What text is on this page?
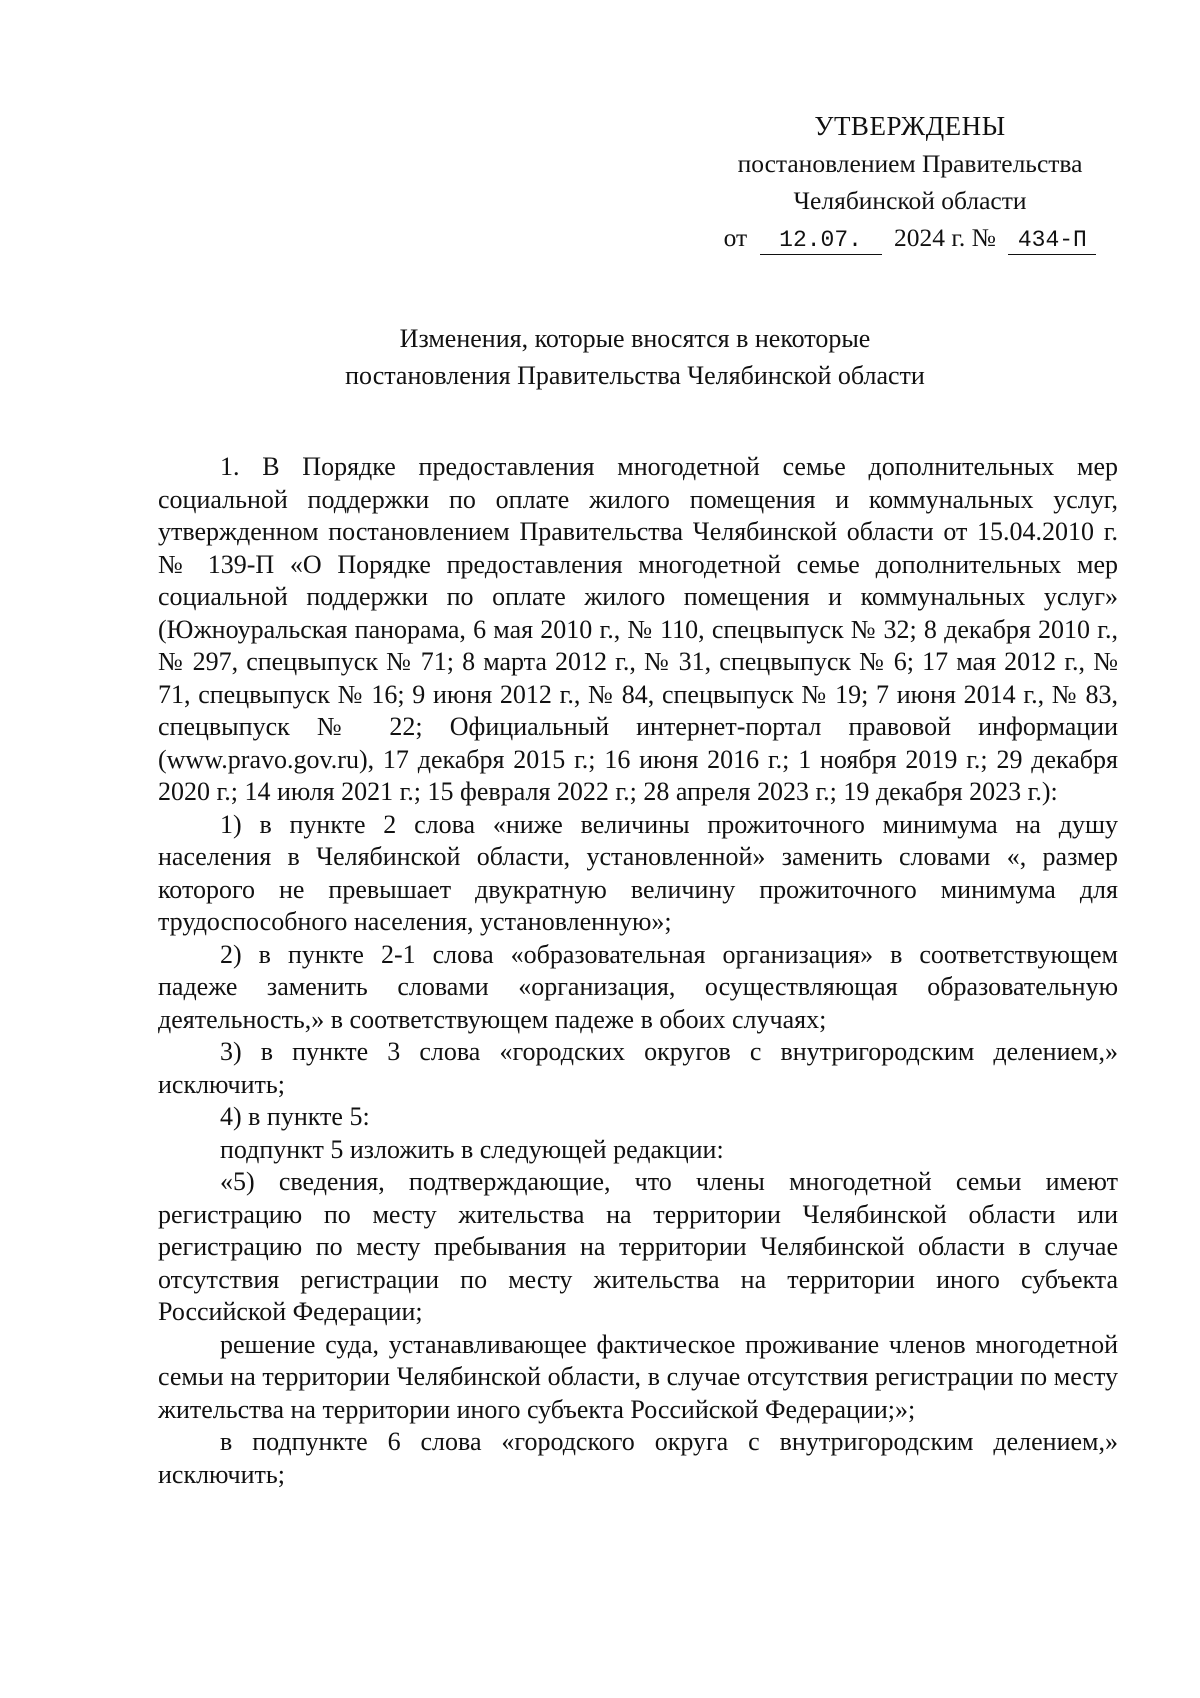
УТВЕРЖДЕНЫ
постановлением Правительства
Челябинской области
от 12.07. 2024 г. № 434-П
Изменения, которые вносятся в некоторые
постановления Правительства Челябинской области

1. В Порядке предоставления многодетной семье дополнительных мер социальной поддержки по оплате жилого помещения и коммунальных услуг, утвержденном постановлением Правительства Челябинской области от 15.04.2010 г. № 139-П «О Порядке предоставления многодетной семье дополнительных мер социальной поддержки по оплате жилого помещения и коммунальных услуг» (Южноуральская панорама, 6 мая 2010 г., № 110, спецвыпуск № 32; 8 декабря 2010 г., № 297, спецвыпуск № 71; 8 марта 2012 г., № 31, спецвыпуск № 6; 17 мая 2012 г., № 71, спецвыпуск № 16; 9 июня 2012 г., № 84, спецвыпуск № 19; 7 июня 2014 г., № 83, спецвыпуск № 22; Официальный интернет-портал правовой информации (www.pravo.gov.ru), 17 декабря 2015 г.; 16 июня 2016 г.; 1 ноября 2019 г.; 29 декабря 2020 г.; 14 июля 2021 г.; 15 февраля 2022 г.; 28 апреля 2023 г.; 19 декабря 2023 г.):

1) в пункте 2 слова «ниже величины прожиточного минимума на душу населения в Челябинской области, установленной» заменить словами «, размер которого не превышает двукратную величину прожиточного минимума для трудоспособного населения, установленную»;

2) в пункте 2-1 слова «образовательная организация» в соответствующем падеже заменить словами «организация, осуществляющая образовательную деятельность,» в соответствующем падеже в обоих случаях;

3) в пункте 3 слова «городских округов с внутригородским делением,» исключить;

4) в пункте 5:

подпункт 5 изложить в следующей редакции:

«5) сведения, подтверждающие, что члены многодетной семьи имеют регистрацию по месту жительства на территории Челябинской области или регистрацию по месту пребывания на территории Челябинской области в случае отсутствия регистрации по месту жительства на территории иного субъекта Российской Федерации;

решение суда, устанавливающее фактическое проживание членов многодетной семьи на территории Челябинской области, в случае отсутствия регистрации по месту жительства на территории иного субъекта Российской Федерации;»;

в подпункте 6 слова «городского округа с внутригородским делением,» исключить;
